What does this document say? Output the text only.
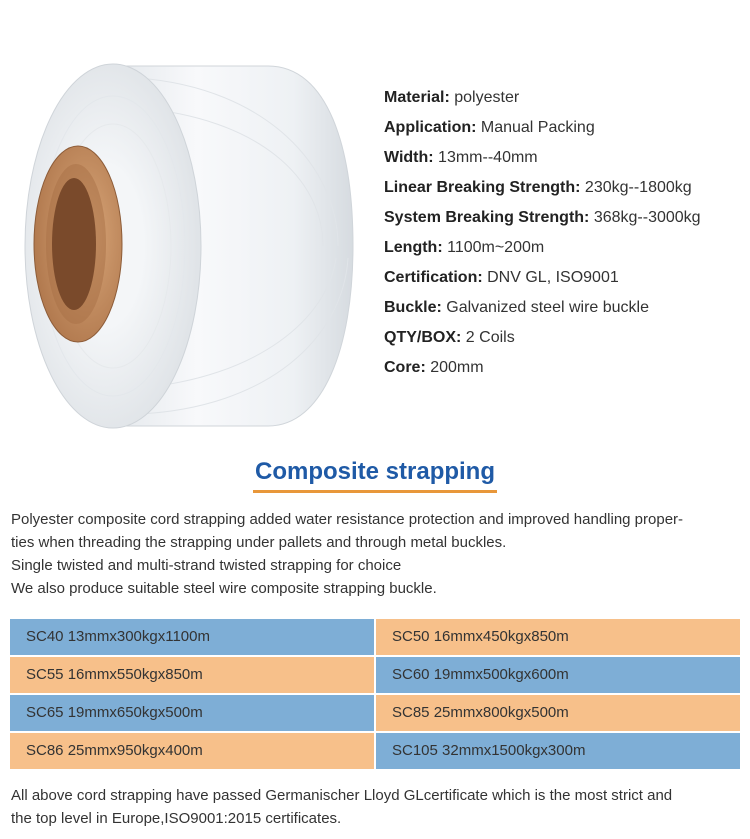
Material: polyester
Application: Manual Packing
Width: 13mm--40mm
Linear Breaking Strength: 230kg--1800kg
System Breaking Strength: 368kg--3000kg
Length: 1100m~200m
Certification: DNV GL, ISO9001
Buckle: Galvanized steel wire buckle
QTY/BOX: 2 Coils
Core: 200mm
Composite strapping

Polyester composite cord strapping added water resistance protection and improved handling proper-

ties when threading the strapping under pallets and through metal buckles.

Single twisted and multi-strand twisted strapping for choice

We also produce suitable steel wire composite strapping buckle.

SC40 13mmx300kgx1100m	SC50 16mmx450kgx850m
SC55 16mmx550kgx850m	SC60 19mmx500kgx600m
SC65 19mmx650kgx500m	SC85 25mmx800kgx500m
SC86 25mmx950kgx400m	SC105 32mmx1500kgx300m
All above cord strapping have passed Germanischer Lloyd GLcertificate which is the most strict and
the top level in Europe,ISO9001:2015 certificates.
